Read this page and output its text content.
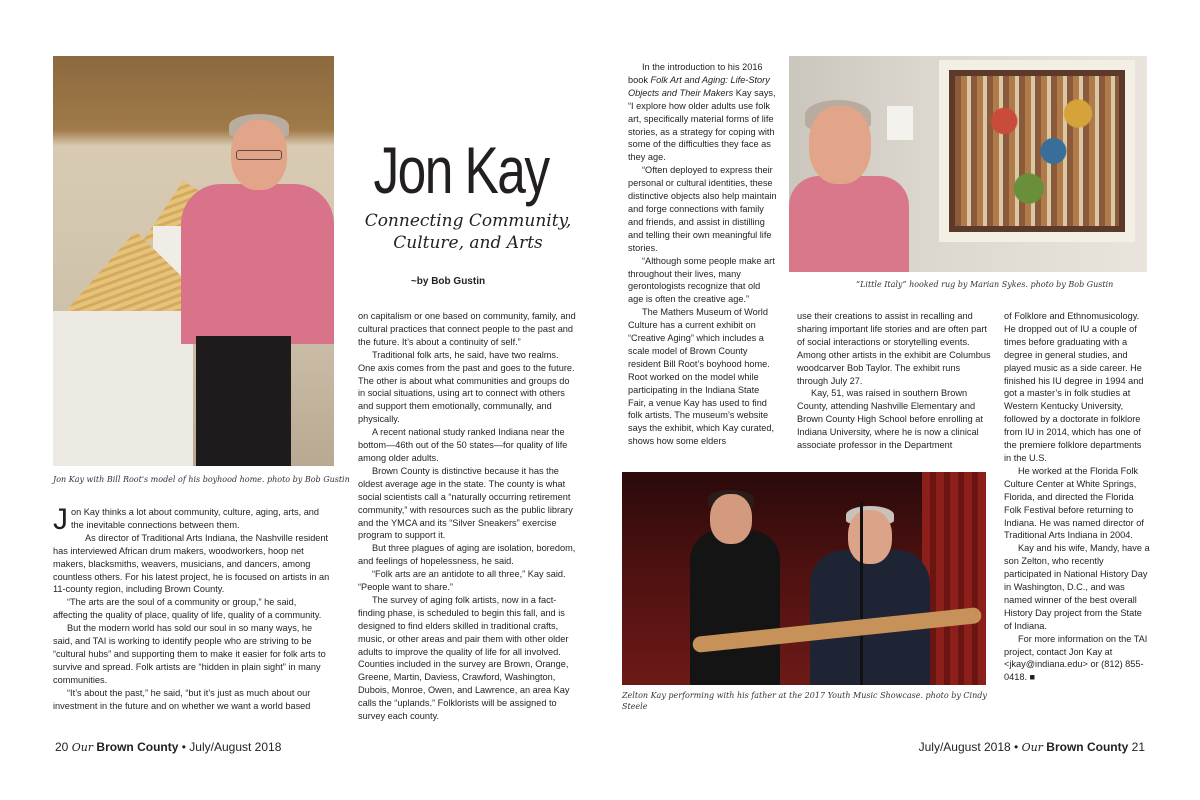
Jon Kay with Bill Root's model of his boyhood home. photo by Bob Gustin
Jon Kay
Connecting Community,
Culture, and Arts
~by Bob Gustin

Jon Kay thinks a lot about community, culture, aging, arts, and the inevitable connections between them.

As director of Traditional Arts Indiana, the Nashville resident has interviewed African drum makers, woodworkers, hoop net makers, blacksmiths, weavers, musicians, and dancers, among countless others. For his latest project, he is focused on artists in an 11-county region, including Brown County.

“The arts are the soul of a community or group,” he said, affecting the quality of place, quality of life, quality of a community.

But the modern world has sold our soul in so many ways, he said, and TAI is working to identify people who are striving to be “cultural hubs” and supporting them to make it easier for folk arts to survive and spread. Folk artists are “hidden in plain sight” in many communities.

“It’s about the past,” he said, “but it’s just as much about our investment in the future and on whether we want a world based

on capitalism or one based on community, family, and cultural practices that connect people to the past and the future. It’s about a continuity of self.”

Traditional folk arts, he said, have two realms. One axis comes from the past and goes to the future. The other is about what communities and groups do in social situations, using art to connect with others and support them emotionally, communally, and physically.

A recent national study ranked Indiana near the bottom—46th out of the 50 states—for quality of life among older adults.

Brown County is distinctive because it has the oldest average age in the state. The county is what social scientists call a “naturally occurring retirement community,” with resources such as the public library and the YMCA and its “Silver Sneakers” exercise program to support it.

But three plagues of aging are isolation, boredom, and feelings of hopelessness, he said.

“Folk arts are an antidote to all three,” Kay said. “People want to share.”

The survey of aging folk artists, now in a fact-finding phase, is scheduled to begin this fall, and is designed to find elders skilled in traditional crafts, music, or other areas and pair them with other older adults to improve the quality of life for all involved. Counties included in the survey are Brown, Orange, Greene, Martin, Daviess, Crawford, Washington, Dubois, Monroe, Owen, and Lawrence, an area Kay calls the “uplands.” Folklorists will be assigned to survey each county.

In the introduction to his 2016 book Folk Art and Aging: Life-Story Objects and Their Makers Kay says, “I explore how older adults use folk art, specifically material forms of life stories, as a strategy for coping with some of the difficulties they face as they age.

“Often deployed to express their personal or cultural identities, these distinctive objects also help maintain and forge connections with family and friends, and assist in distilling and telling their own meaningful life stories.

“Although some people make art throughout their lives, many gerontologists recognize that old age is often the creative age.”

The Mathers Museum of World Culture has a current exhibit on “Creative Aging” which includes a scale model of Brown County resident Bill Root’s boyhood home. Root worked on the model while participating in the Indiana State Fair, a venue Kay has used to find folk artists. The museum’s website says the exhibit, which Kay curated, shows how some elders

“Little Italy” hooked rug by Marian Sykes. photo by Bob Gustin

use their creations to assist in recalling and sharing important life stories and are often part of social interactions or storytelling events. Among other artists in the exhibit are Columbus woodcarver Bob Taylor. The exhibit runs through July 27.

Kay, 51, was raised in southern Brown County, attending Nashville Elementary and Brown County High School before enrolling at Indiana University, where he is now a clinical associate professor in the Department

of Folklore and Ethnomusicology. He dropped out of IU a couple of times before graduating with a degree in general studies, and played music as a side career. He finished his IU degree in 1994 and got a master’s in folk studies at Western Kentucky University, followed by a doctorate in folklore from IU in 2014, which has one of the premiere folklore departments in the U.S.

He worked at the Florida Folk Culture Center at White Springs, Florida, and directed the Florida Folk Festival before returning to Indiana. He was named director of Traditional Arts Indiana in 2004.

Kay and his wife, Mandy, have a son Zelton, who recently participated in National History Day in Washington, D.C., and was named winner of the best overall History Day project from the State of Indiana.

For more information on the TAI project, contact Jon Kay at <jkay@indiana.edu> or (812) 855-0418. ■

Zelton Kay performing with his father at the 2017 Youth Music Showcase. photo by Cindy Steele
20 Our Brown County • July/August 2018	July/August 2018 • Our Brown County 21
